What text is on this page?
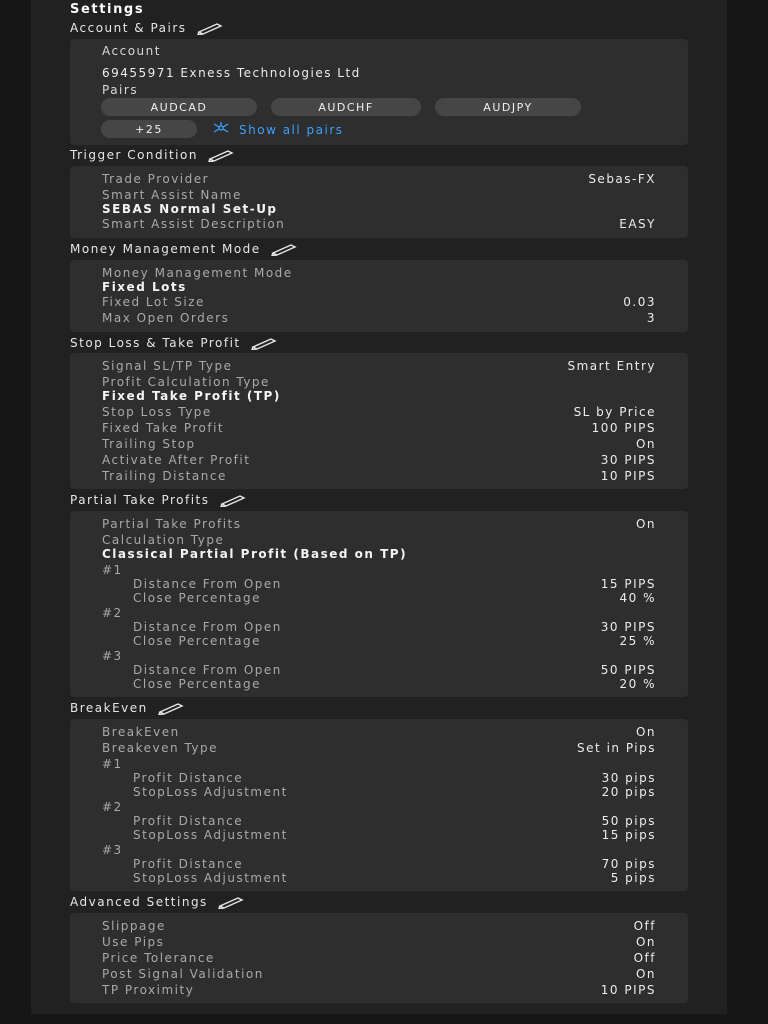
Settings
Account & Pairs
Account
69455971 Exness Technologies Ltd
Pairs
AUDCAD	AUDCHF	AUDJPY
+25	Show all pairs
Trigger Condition
Trade Provider	Sebas-FX
Smart Assist Name
SEBAS Normal Set-Up
Smart Assist Description	EASY
Money Management Mode
Money Management Mode
Fixed Lots
Fixed Lot Size	0.03
Max Open Orders	3
Stop Loss & Take Profit
Signal SL/TP Type	Smart Entry
Profit Calculation Type
Fixed Take Profit (TP)
Stop Loss Type	SL by Price
Fixed Take Profit	100 PIPS
Trailing Stop	On
Activate After Profit	30 PIPS
Trailing Distance	10 PIPS
Partial Take Profits
Partial Take Profits	On
Calculation Type
Classical Partial Profit (Based on TP)
#1
Distance From Open	15 PIPS
Close Percentage	40 %
#2
Distance From Open	30 PIPS
Close Percentage	25 %
#3
Distance From Open	50 PIPS
Close Percentage	20 %
BreakEven
BreakEven	On
Breakeven Type	Set in Pips
#1
Profit Distance	30 pips
StopLoss Adjustment	20 pips
#2
Profit Distance	50 pips
StopLoss Adjustment	15 pips
#3
Profit Distance	70 pips
StopLoss Adjustment	5 pips
Advanced Settings
Slippage	Off
Use Pips	On
Price Tolerance	Off
Post Signal Validation	On
TP Proximity	10 PIPS
